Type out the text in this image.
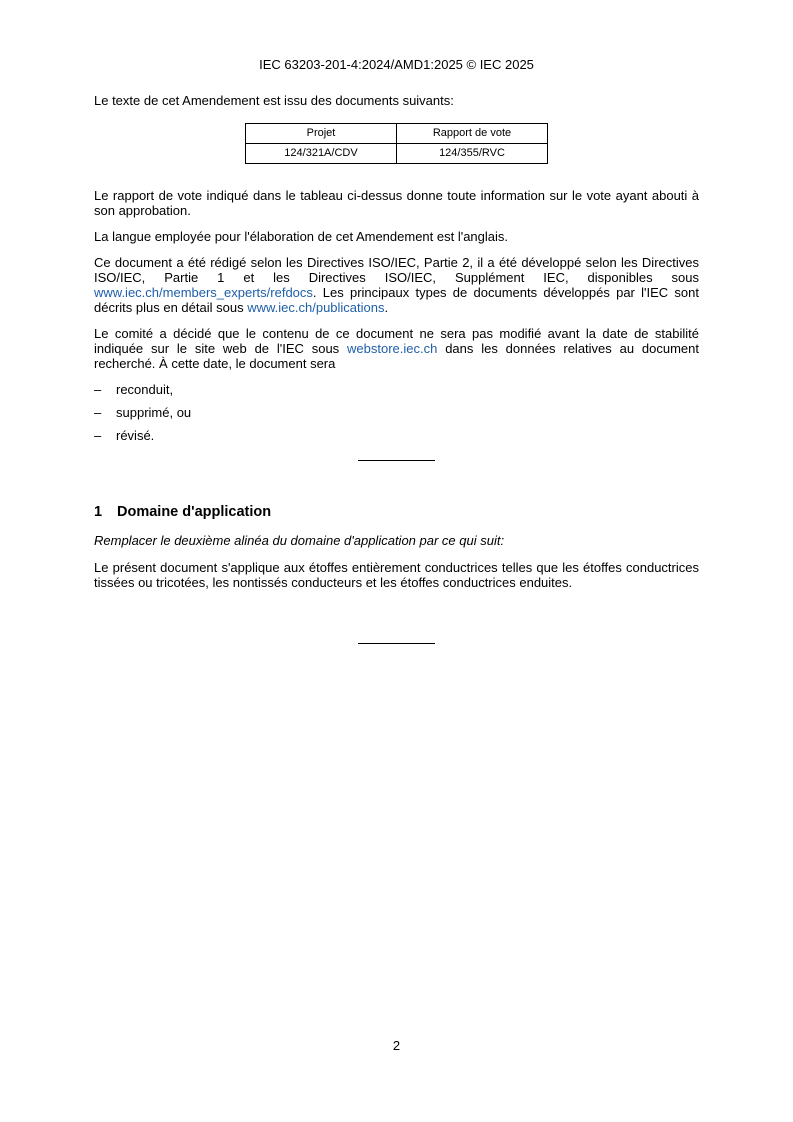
IEC 63203-201-4:2024/AMD1:2025 © IEC 2025

Le texte de cet Amendement est issu des documents suivants:

Projet	Rapport de vote
124/321A/CDV	124/355/RVC

Le rapport de vote indiqué dans le tableau ci-dessus donne toute information sur le vote ayant abouti à son approbation.

La langue employée pour l'élaboration de cet Amendement est l'anglais.

Ce document a été rédigé selon les Directives ISO/IEC, Partie 2, il a été développé selon les Directives ISO/IEC, Partie 1 et les Directives ISO/IEC, Supplément IEC, disponibles sous www.iec.ch/members_experts/refdocs. Les principaux types de documents développés par l'IEC sont décrits plus en détail sous www.iec.ch/publications.

Le comité a décidé que le contenu de ce document ne sera pas modifié avant la date de stabilité indiquée sur le site web de l'IEC sous webstore.iec.ch dans les données relatives au document recherché. À cette date, le document sera

– reconduit,
– supprimé, ou
– révisé.
1 Domaine d'application

Remplacer le deuxième alinéa du domaine d'application par ce qui suit:

Le présent document s'applique aux étoffes entièrement conductrices telles que les étoffes conductrices tissées ou tricotées, les nontissés conducteurs et les étoffes conductrices enduites.

2
